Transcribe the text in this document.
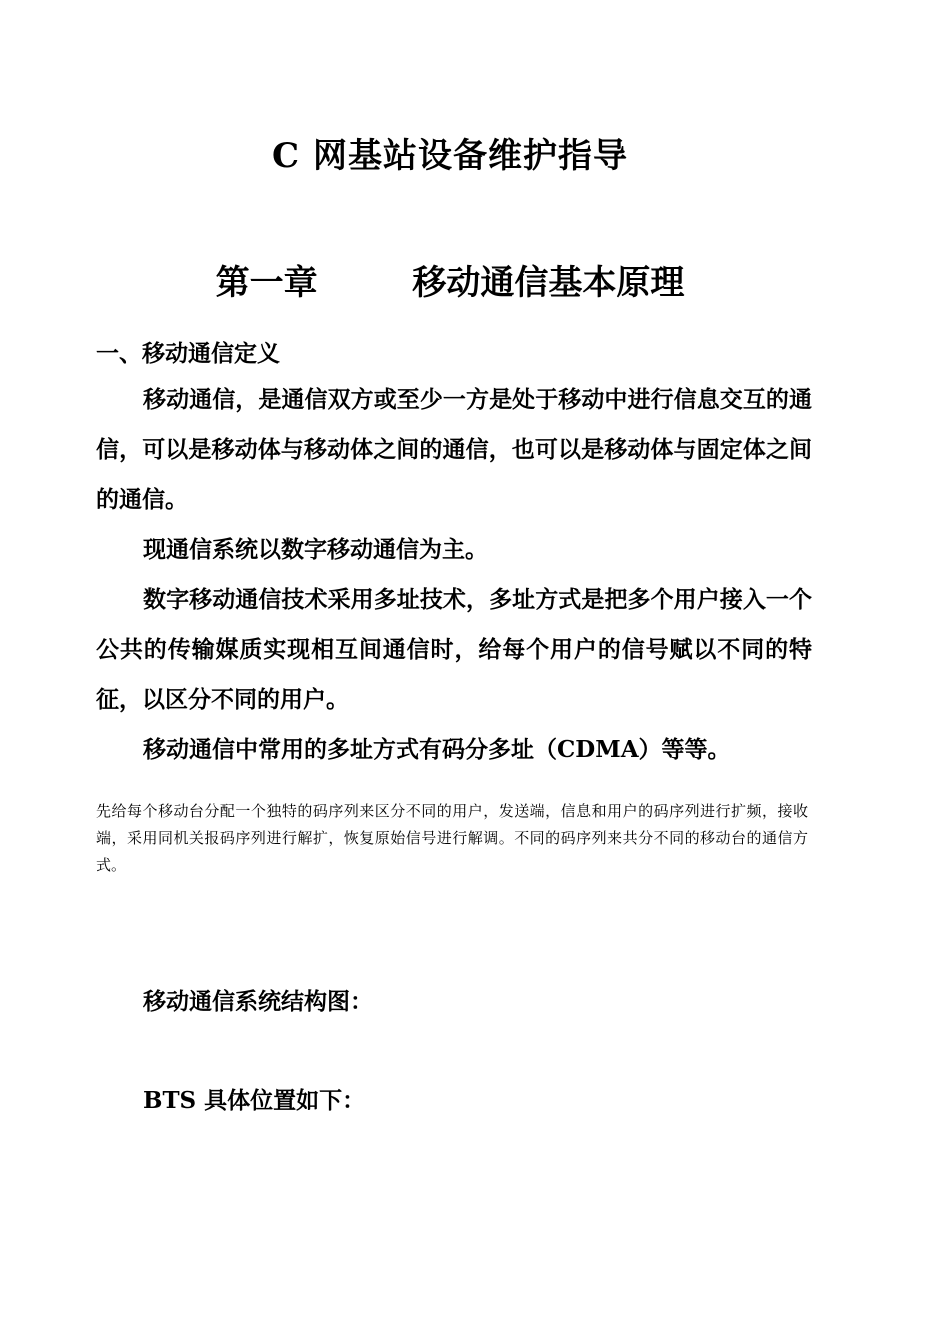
C 网基站设备维护指导
第一章        移动通信基本原理
一、移动通信定义
移动通信，是通信双方或至少一方是处于移动中进行信息交互的通信，可以是移动体与移动体之间的通信，也可以是移动体与固定体之间的通信。
现通信系统以数字移动通信为主。
数字移动通信技术采用多址技术，多址方式是把多个用户接入一个公共的传输媒质实现相互间通信时，给每个用户的信号赋以不同的特征，以区分不同的用户。
移动通信中常用的多址方式有码分多址（CDMA）等等。
先给每个移动台分配一个独特的码序列来区分不同的用户，发送端，信息和用户的码序列进行扩频，接收端，采用同机关报码序列进行解扩，恢复原始信号进行解调。不同的码序列来共分不同的移动台的通信方式。
移动通信系统结构图：
BTS 具体位置如下：
